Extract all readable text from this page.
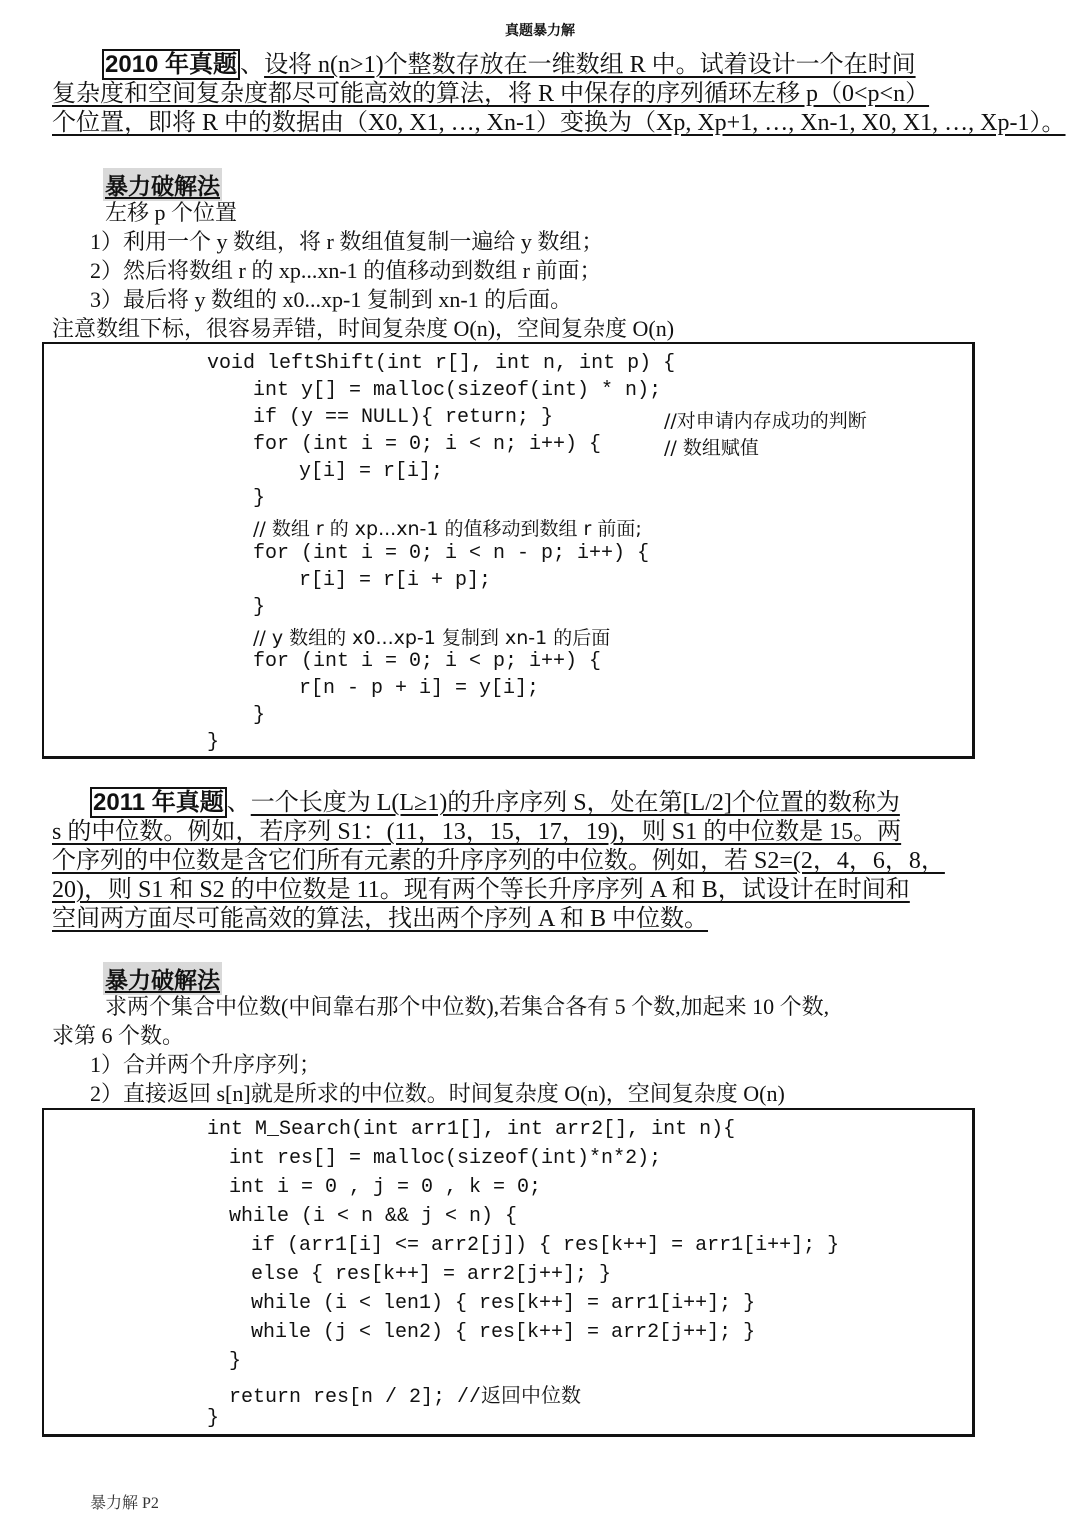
真题暴力解
2010 年真题 、设将 n(n>1)个整数存放在一维数组 R 中。试着设计一个在时间
复杂度和空间复杂度都尽可能高效的算法，将 R 中保存的序列循环左移 p（0<p<n）
个位置，即将 R 中的数据由（X0, X1, …, Xn-1）变换为（Xp, Xp+1, …, Xn-1, X0, X1, …, Xp-1）。
暴力破解法
左移 p 个位置
1）利用一个 y 数组，将 r 数组值复制一遍给 y 数组；
2）然后将数组 r 的 xp...xn-1 的值移动到数组 r 前面；
3）最后将 y 数组的 x0...xp-1 复制到 xn-1 的后面。
注意数组下标，很容易弄错，时间复杂度 O(n)，空间复杂度 O(n)
void leftShift(int r[], int n, int p) {
int y[] = malloc(sizeof(int) * n);
if (y == NULL){ return; }	//对申请内存成功的判断
for (int i = 0; i < n; i++) {	// 数组赋值
y[i] = r[i];
}
// 数组 r 的 xp...xn-1 的值移动到数组 r 前面;
for (int i = 0; i < n - p; i++) {
r[i] = r[i + p];
}
// y 数组的 x0...xp-1 复制到 xn-1 的后面
for (int i = 0; i < p; i++) {
r[n - p + i] = y[i];
}
}
2011 年真题 、一个长度为 L(L≥1)的升序序列 S，处在第[L/2]个位置的数称为
s 的中位数。例如，若序列 S1：(11，13，15，17，19)，则 S1 的中位数是 15。两
个序列的中位数是含它们所有元素的升序序列的中位数。例如，若 S2=(2，4，6，8，
20)，则 S1 和 S2 的中位数是 11。现有两个等长升序序列 A 和 B，试设计在时间和
空间两方面尽可能高效的算法，找出两个序列 A 和 B 中位数。
暴力破解法
求两个集合中位数(中间靠右那个中位数),若集合各有 5 个数,加起来 10 个数,
求第 6 个数。
1）合并两个升序序列；
2）直接返回 s[n]就是所求的中位数。时间复杂度 O(n)，空间复杂度 O(n)
int M_Search(int arr1[], int arr2[], int n){
int res[] = malloc(sizeof(int)*n*2);
int i = 0 , j = 0 , k = 0;
while (i < n && j < n) {
if (arr1[i] <= arr2[j]) { res[k++] = arr1[i++]; }
else { res[k++] = arr2[j++]; }
while (i < len1) { res[k++] = arr1[i++]; }
while (j < len2) { res[k++] = arr2[j++]; }
}
return res[n / 2]; //返回中位数
}
暴力解 P2
